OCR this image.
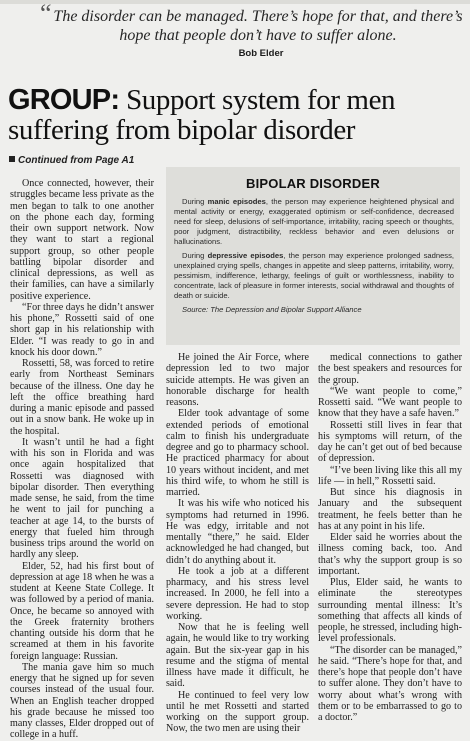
“ The disorder can be managed. There’s hope for that, and there’s hope that people don’t have to suffer alone.
Bob Elder
GROUP: Support system for men suffering from bipolar disorder
Continued from Page A1

Once connected, however, their struggles became less private as the men began to talk to one another on the phone each day, forming their own support network. Now they want to start a regional support group, so other people battling bipolar disorder and clinical depressions, as well as their families, can have a similarly positive experience.

“For three days he didn’t answer his phone,” Rossetti said of one short gap in his relationship with Elder. “I was ready to go in and knock his door down.”

Rossetti, 58, was forced to retire early from Northeast Seminars because of the illness. One day he left the office breathing hard during a manic episode and passed out in a snow bank. He woke up in the hospital.

It wasn’t until he had a fight with his son in Florida and was once again hospitalized that Rossetti was diagnosed with bipolar disorder. Then everything made sense, he said, from the time he went to jail for punching a teacher at age 14, to the bursts of energy that fueled him through business trips around the world on hardly any sleep.

Elder, 52, had his first bout of depression at age 18 when he was a student at Keene State College. It was followed by a period of mania. Once, he became so annoyed with the Greek fraternity brothers chanting outside his dorm that he screamed at them in his favorite foreign language: Russian.

The mania gave him so much energy that he signed up for seven courses instead of the usual four. When an English teacher dropped his grade because he missed too many classes, Elder dropped out of college in a huff.

BIPOLAR DISORDER

During manic episodes, the person may experience heightened physical and mental activity or energy, exaggerated optimism or self-confidence, decreased need for sleep, delusions of self-importance, irritability, racing speech or thoughts, poor judgment, distractibility, reckless behavior and even delusions or hallucinations.

During depressive episodes, the person may experience prolonged sadness, unexplained crying spells, changes in appetite and sleep patterns, irritability, worry, pessimism, indifference, lethargy, feelings of guilt or worthlessness, inability to concentrate, lack of pleasure in former interests, social withdrawal and thoughts of death or suicide.

Source: The Depression and Bipolar Support Alliance

He joined the Air Force, where depression led to two major suicide attempts. He was given an honorable discharge for health reasons.

Elder took advantage of some extended periods of emotional calm to finish his undergraduate degree and go to pharmacy school. He practiced pharmacy for about 10 years without incident, and met his third wife, to whom he still is married.

It was his wife who noticed his symptoms had returned in 1996. He was edgy, irritable and not mentally “there,” he said. Elder acknowledged he had changed, but didn’t do anything about it.

He took a job at a different pharmacy, and his stress level increased. In 2000, he fell into a severe depression. He had to stop working.

Now that he is feeling well again, he would like to try working again. But the six-year gap in his resume and the stigma of mental illness have made it difficult, he said.

He continued to feel very low until he met Rossetti and started working on the support group. Now, the two men are using their

medical connections to gather the best speakers and resources for the group.

“We want people to come,” Rossetti said. “We want people to know that they have a safe haven.”

Rossetti still lives in fear that his symptoms will return, of the day he can’t get out of bed because of depression.

“I’ve been living like this all my life — in hell,” Rossetti said.

But since his diagnosis in January and the subsequent treatment, he feels better than he has at any point in his life.

Elder said he worries about the illness coming back, too. And that’s why the support group is so important.

Plus, Elder said, he wants to eliminate the stereotypes surrounding mental illness: It’s something that affects all kinds of people, he stressed, including high-level professionals.

“The disorder can be managed,” he said. “There’s hope for that, and there’s hope that people don’t have to suffer alone. They don’t have to worry about what’s wrong with them or to be embarrassed to go to a doctor.”
